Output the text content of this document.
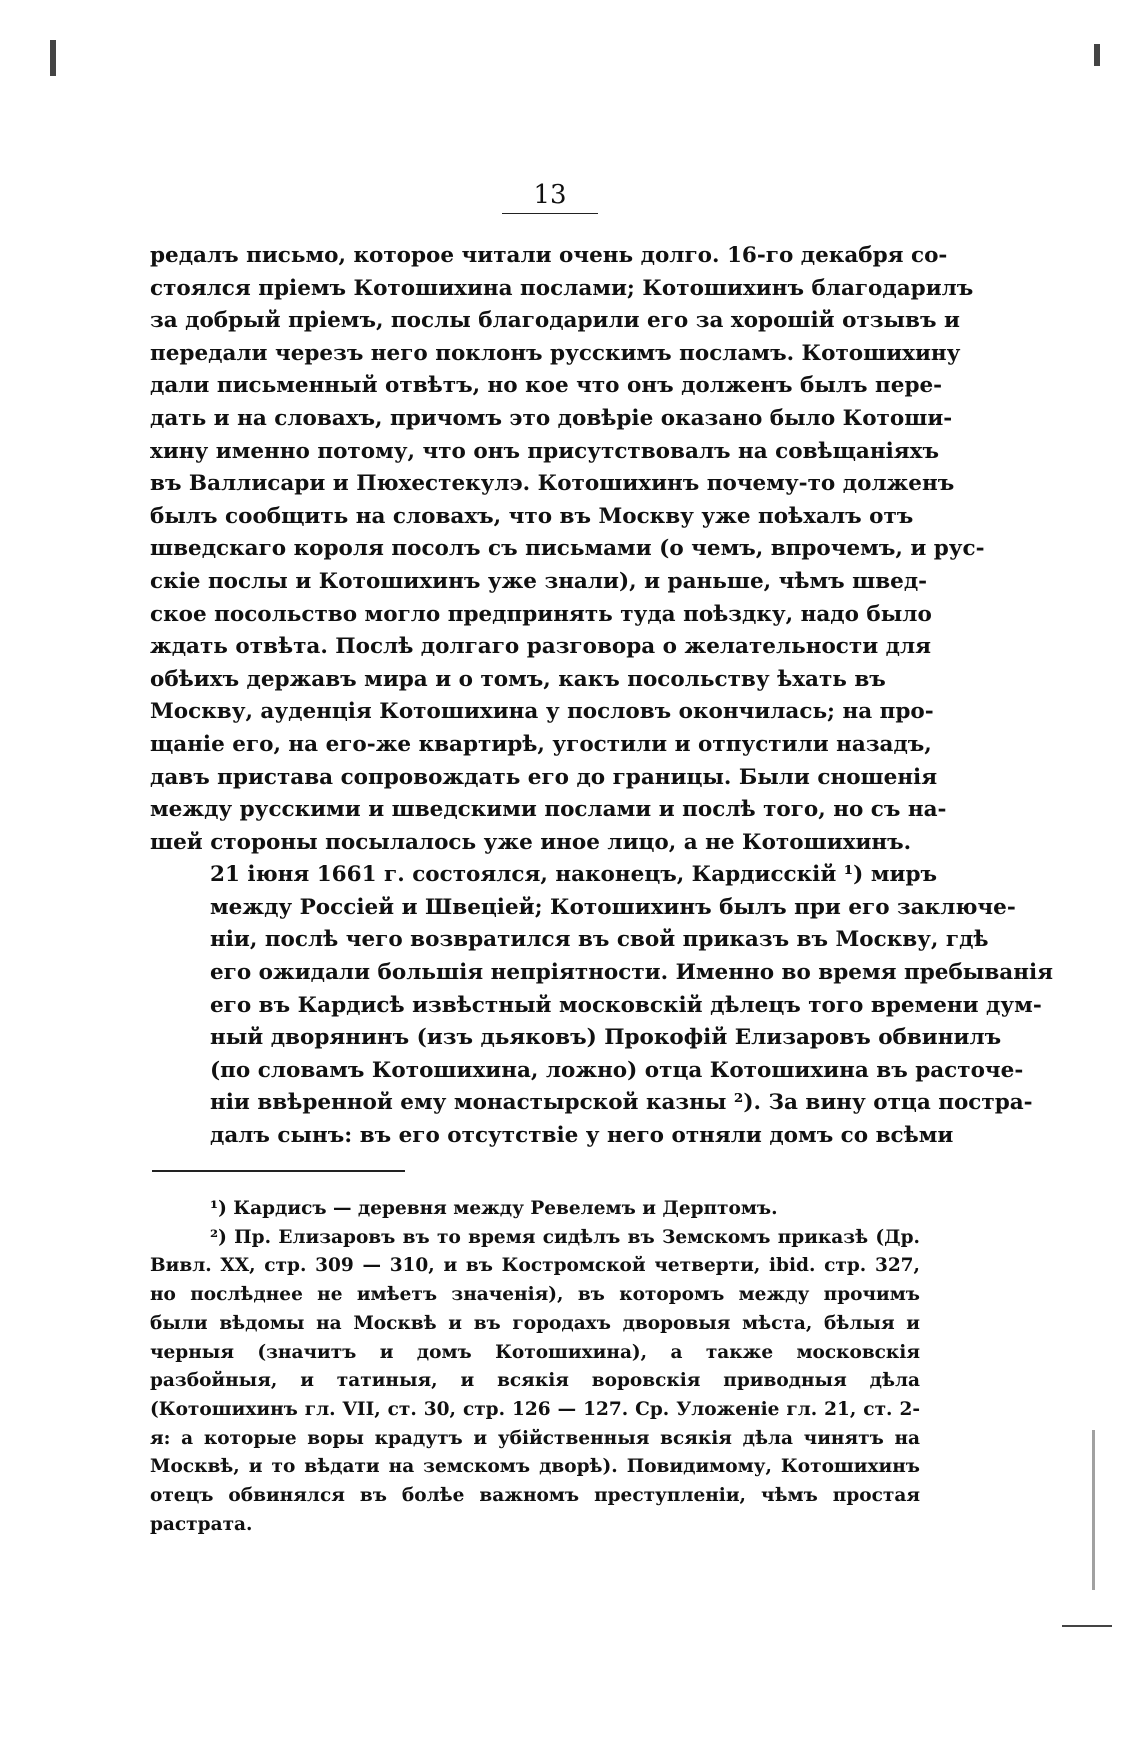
13

редалъ письмо, которое читали очень долго. 16-го декабря со-
стоялся пріемъ Котошихина послами; Котошихинъ благодарилъ
за добрый пріемъ, послы благодарили его за хорошій отзывъ и
передали черезъ него поклонъ русскимъ посламъ. Котошихину
дали письменный отвѣтъ, но кое что онъ долженъ былъ пере-
дать и на словахъ, причомъ это довѣріе оказано было Котоши-
хину именно потому, что онъ присутствовалъ на совѣщаніяхъ
въ Валлисари и Пюхестекулэ. Котошихинъ почему-то долженъ
былъ сообщить на словахъ, что въ Москву уже поѣхалъ отъ
шведскаго короля посолъ съ письмами (о чемъ, впрочемъ, и рус-
скіе послы и Котошихинъ уже знали), и раньше, чѣмъ швед-
ское посольство могло предпринять туда поѣздку, надо было
ждать отвѣта. Послѣ долгаго разговора о желательности для
обѣихъ державъ мира и о томъ, какъ посольству ѣхать въ
Москву, ауденція Котошихина у пословъ окончилась; на про-
щаніе его, на его-же квартирѣ, угостили и отпустили назадъ,
давъ пристава сопровождать его до границы. Были сношенія
между русскими и шведскими послами и послѣ того, но съ на-
шей стороны посылалось уже иное лицо, а не Котошихинъ.

21 іюня 1661 г. состоялся, наконецъ, Кардисскій ¹) миръ
между Россіей и Швеціей; Котошихинъ былъ при его заключе-
ніи, послѣ чего возвратился въ свой приказъ въ Москву, гдѣ
его ожидали большія непріятности. Именно во время пребыванія
его въ Кардисѣ извѣстный московскій дѣлецъ того времени дум-
ный дворянинъ (изъ дьяковъ) Прокофій Елизаровъ обвинилъ
(по словамъ Котошихина, ложно) отца Котошихина въ расточе-
ніи ввѣренной ему монастырской казны ²). За вину отца постра-
далъ сынъ: въ его отсутствіе у него отняли домъ со всѣми

¹) Кардисъ — деревня между Ревелемъ и Дерптомъ.

²) Пр. Елизаровъ въ то время сидѣлъ въ Земскомъ приказѣ (Др. Вивл. XX, стр. 309 — 310, и въ Костромской четверти, ibid. стр. 327, но послѣднее не имѣетъ значенія), въ которомъ между прочимъ были вѣдомы на Москвѣ и въ городахъ дворовыя мѣста, бѣлыя и черныя (значитъ и домъ Котошихина), а также московскія разбойныя, и татиныя, и всякія воровскія приводныя дѣла (Котошихинъ гл. VII, ст. 30, стр. 126 — 127. Ср. Уложеніе гл. 21, ст. 2-я: а которые воры крадутъ и убійственныя всякія дѣла чинятъ на Москвѣ, и то вѣдати на земскомъ дворѣ). Повидимому, Котошихинъ отецъ обвинялся въ болѣе важномъ преступленіи, чѣмъ простая растрата.
